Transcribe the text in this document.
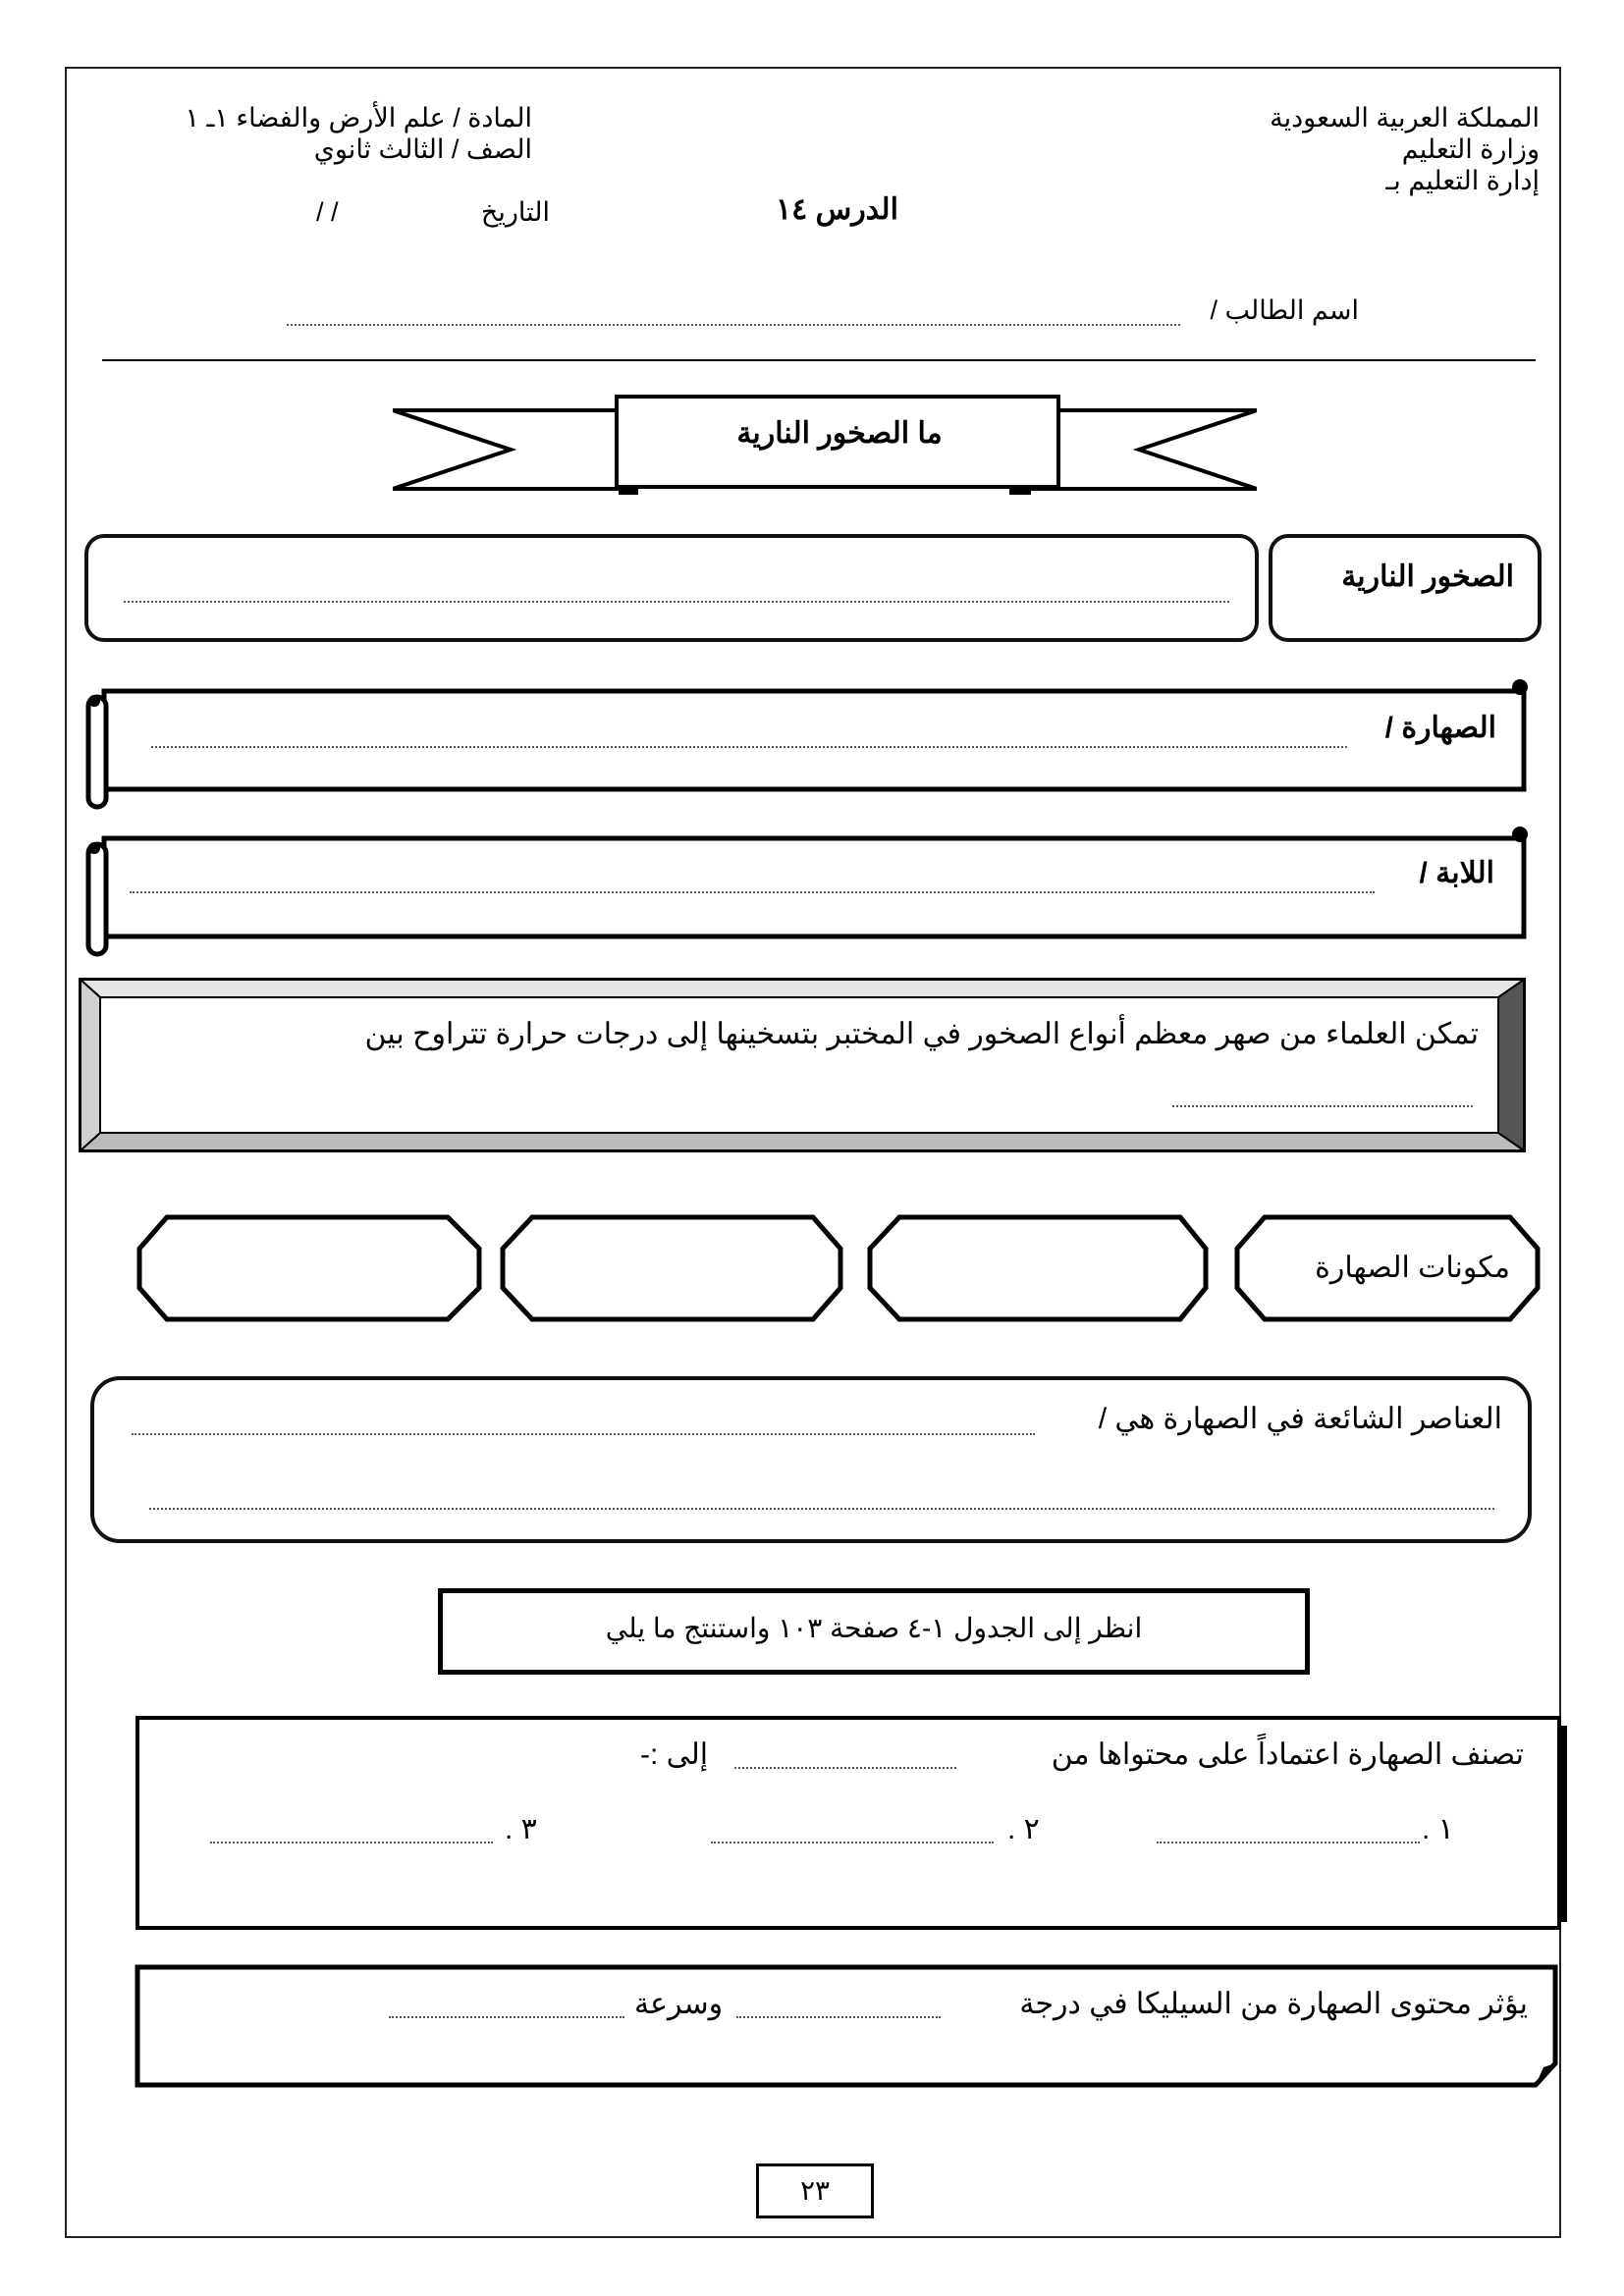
المملكة العربية السعودية
وزارة التعليم
إدارة التعليم بـ
المادة / علم الأرض والفضاء ١ـ ١
الصف / الثالث ثانوي
التاريخ
/ /	الدرس ١٤
اسم الطالب /
ما الصخور النارية
الصخور النارية
الصهارة /
اللابة /
تمكن العلماء من صهر معظم أنواع الصخور في المختبر بتسخينها إلى درجات حرارة تتراوح بين
مكونات الصهارة
العناصر الشائعة في الصهارة هي /
انظر إلى الجدول ١-٤ صفحة ١٠٣ واستنتج ما يلي
تصنف الصهارة اعتماداً على محتواها من
إلى :-
١ .
٢ .
٣ .
يؤثر محتوى الصهارة من السيليكا في درجة
وسرعة
٢٣
